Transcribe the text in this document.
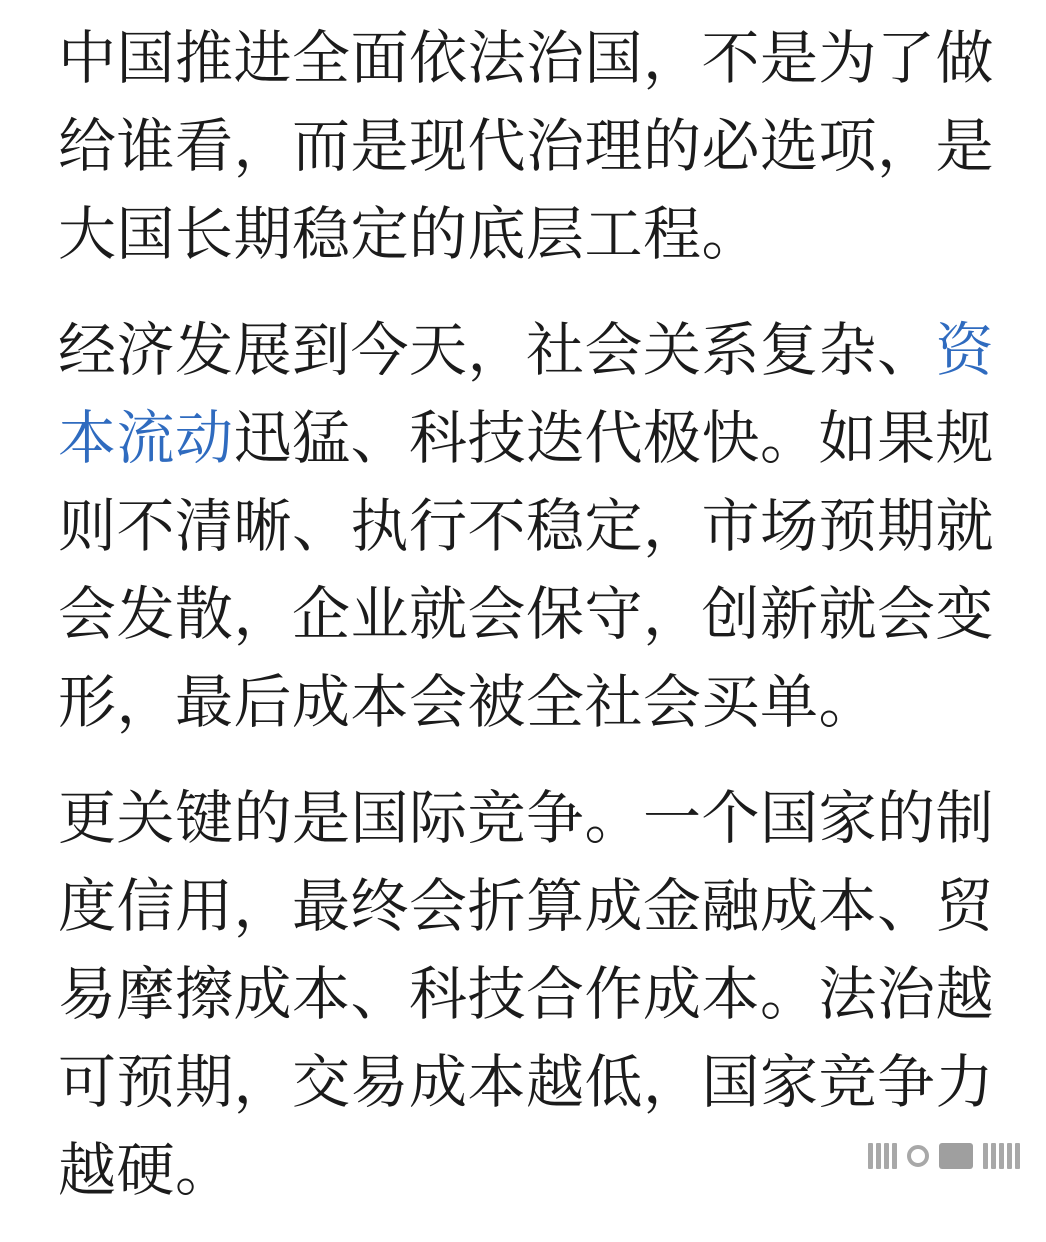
中国推进全面依法治国，不是为了做
给谁看，而是现代治理的必选项，是
大国长期稳定的底层工程。
经济发展到今天，社会关系复杂、资
本流动迅猛、科技迭代极快。如果规
则不清晰、执行不稳定，市场预期就
会发散，企业就会保守，创新就会变
形，最后成本会被全社会买单。
更关键的是国际竞争。一个国家的制
度信用，最终会折算成金融成本、贸
易摩擦成本、科技合作成本。法治越
可预期，交易成本越低，国家竞争力
越硬。
